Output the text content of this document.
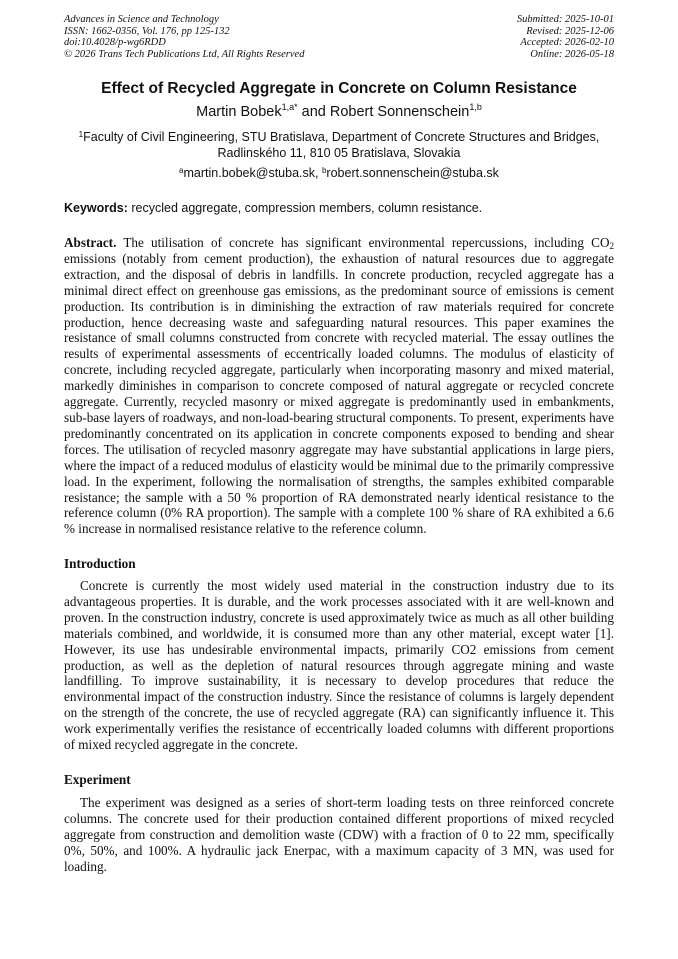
Advances in Science and Technology
ISSN: 1662-0356, Vol. 176, pp 125-132
doi:10.4028/p-wg6RDD
© 2026 Trans Tech Publications Ltd, All Rights Reserved
Submitted: 2025-10-01
Revised: 2025-12-06
Accepted: 2026-02-10
Online: 2026-05-18
Effect of Recycled Aggregate in Concrete on Column Resistance
Martin Bobek$^{1,a*}$ and Robert Sonnenschein$^{1,b}$
$^1$Faculty of Civil Engineering, STU Bratislava, Department of Concrete Structures and Bridges,
Radlinského 11, 810 05 Bratislava, Slovakia
$^a$martin.bobek@stuba.sk, $^b$robert.sonnenschein@stuba.sk
Keywords: recycled aggregate, compression members, column resistance.
Abstract. The utilisation of concrete has significant environmental repercussions, including $CO_2$ emissions (notably from cement production), the exhaustion of natural resources due to aggregate extraction, and the disposal of debris in landfills. In concrete production, recycled aggregate has a minimal direct effect on greenhouse gas emissions, as the predominant source of emissions is cement production. Its contribution is in diminishing the extraction of raw materials required for concrete production, hence decreasing waste and safeguarding natural resources. This paper examines the resistance of small columns constructed from concrete with recycled material. The essay outlines the results of experimental assessments of eccentrically loaded columns. The modulus of elasticity of concrete, including recycled aggregate, particularly when incorporating masonry and mixed material, markedly diminishes in comparison to concrete composed of natural aggregate or recycled concrete aggregate. Currently, recycled masonry or mixed aggregate is predominantly used in embankments, sub-base layers of roadways, and non-load-bearing structural components. To present, experiments have predominantly concentrated on its application in concrete components exposed to bending and shear forces. The utilisation of recycled masonry aggregate may have substantial applications in large piers, where the impact of a reduced modulus of elasticity would be minimal due to the primarily compressive load. In the experiment, following the normalisation of strengths, the samples exhibited comparable resistance; the sample with a 50 % proportion of RA demonstrated nearly identical resistance to the reference column (0% RA proportion). The sample with a complete 100 % share of RA exhibited a 6.6 % increase in normalised resistance relative to the reference column.
Introduction
Concrete is currently the most widely used material in the construction industry due to its advantageous properties. It is durable, and the work processes associated with it are well-known and proven. In the construction industry, concrete is used approximately twice as much as all other building materials combined, and worldwide, it is consumed more than any other material, except water [1]. However, its use has undesirable environmental impacts, primarily CO2 emissions from cement production, as well as the depletion of natural resources through aggregate mining and waste landfilling. To improve sustainability, it is necessary to develop procedures that reduce the environmental impact of the construction industry. Since the resistance of columns is largely dependent on the strength of the concrete, the use of recycled aggregate (RA) can significantly influence it. This work experimentally verifies the resistance of eccentrically loaded columns with different proportions of mixed recycled aggregate in the concrete.
Experiment
The experiment was designed as a series of short-term loading tests on three reinforced concrete columns. The concrete used for their production contained different proportions of mixed recycled aggregate from construction and demolition waste (CDW) with a fraction of 0 to 22 mm, specifically 0%, 50%, and 100%. A hydraulic jack Enerpac, with a maximum capacity of 3 MN, was used for loading.
